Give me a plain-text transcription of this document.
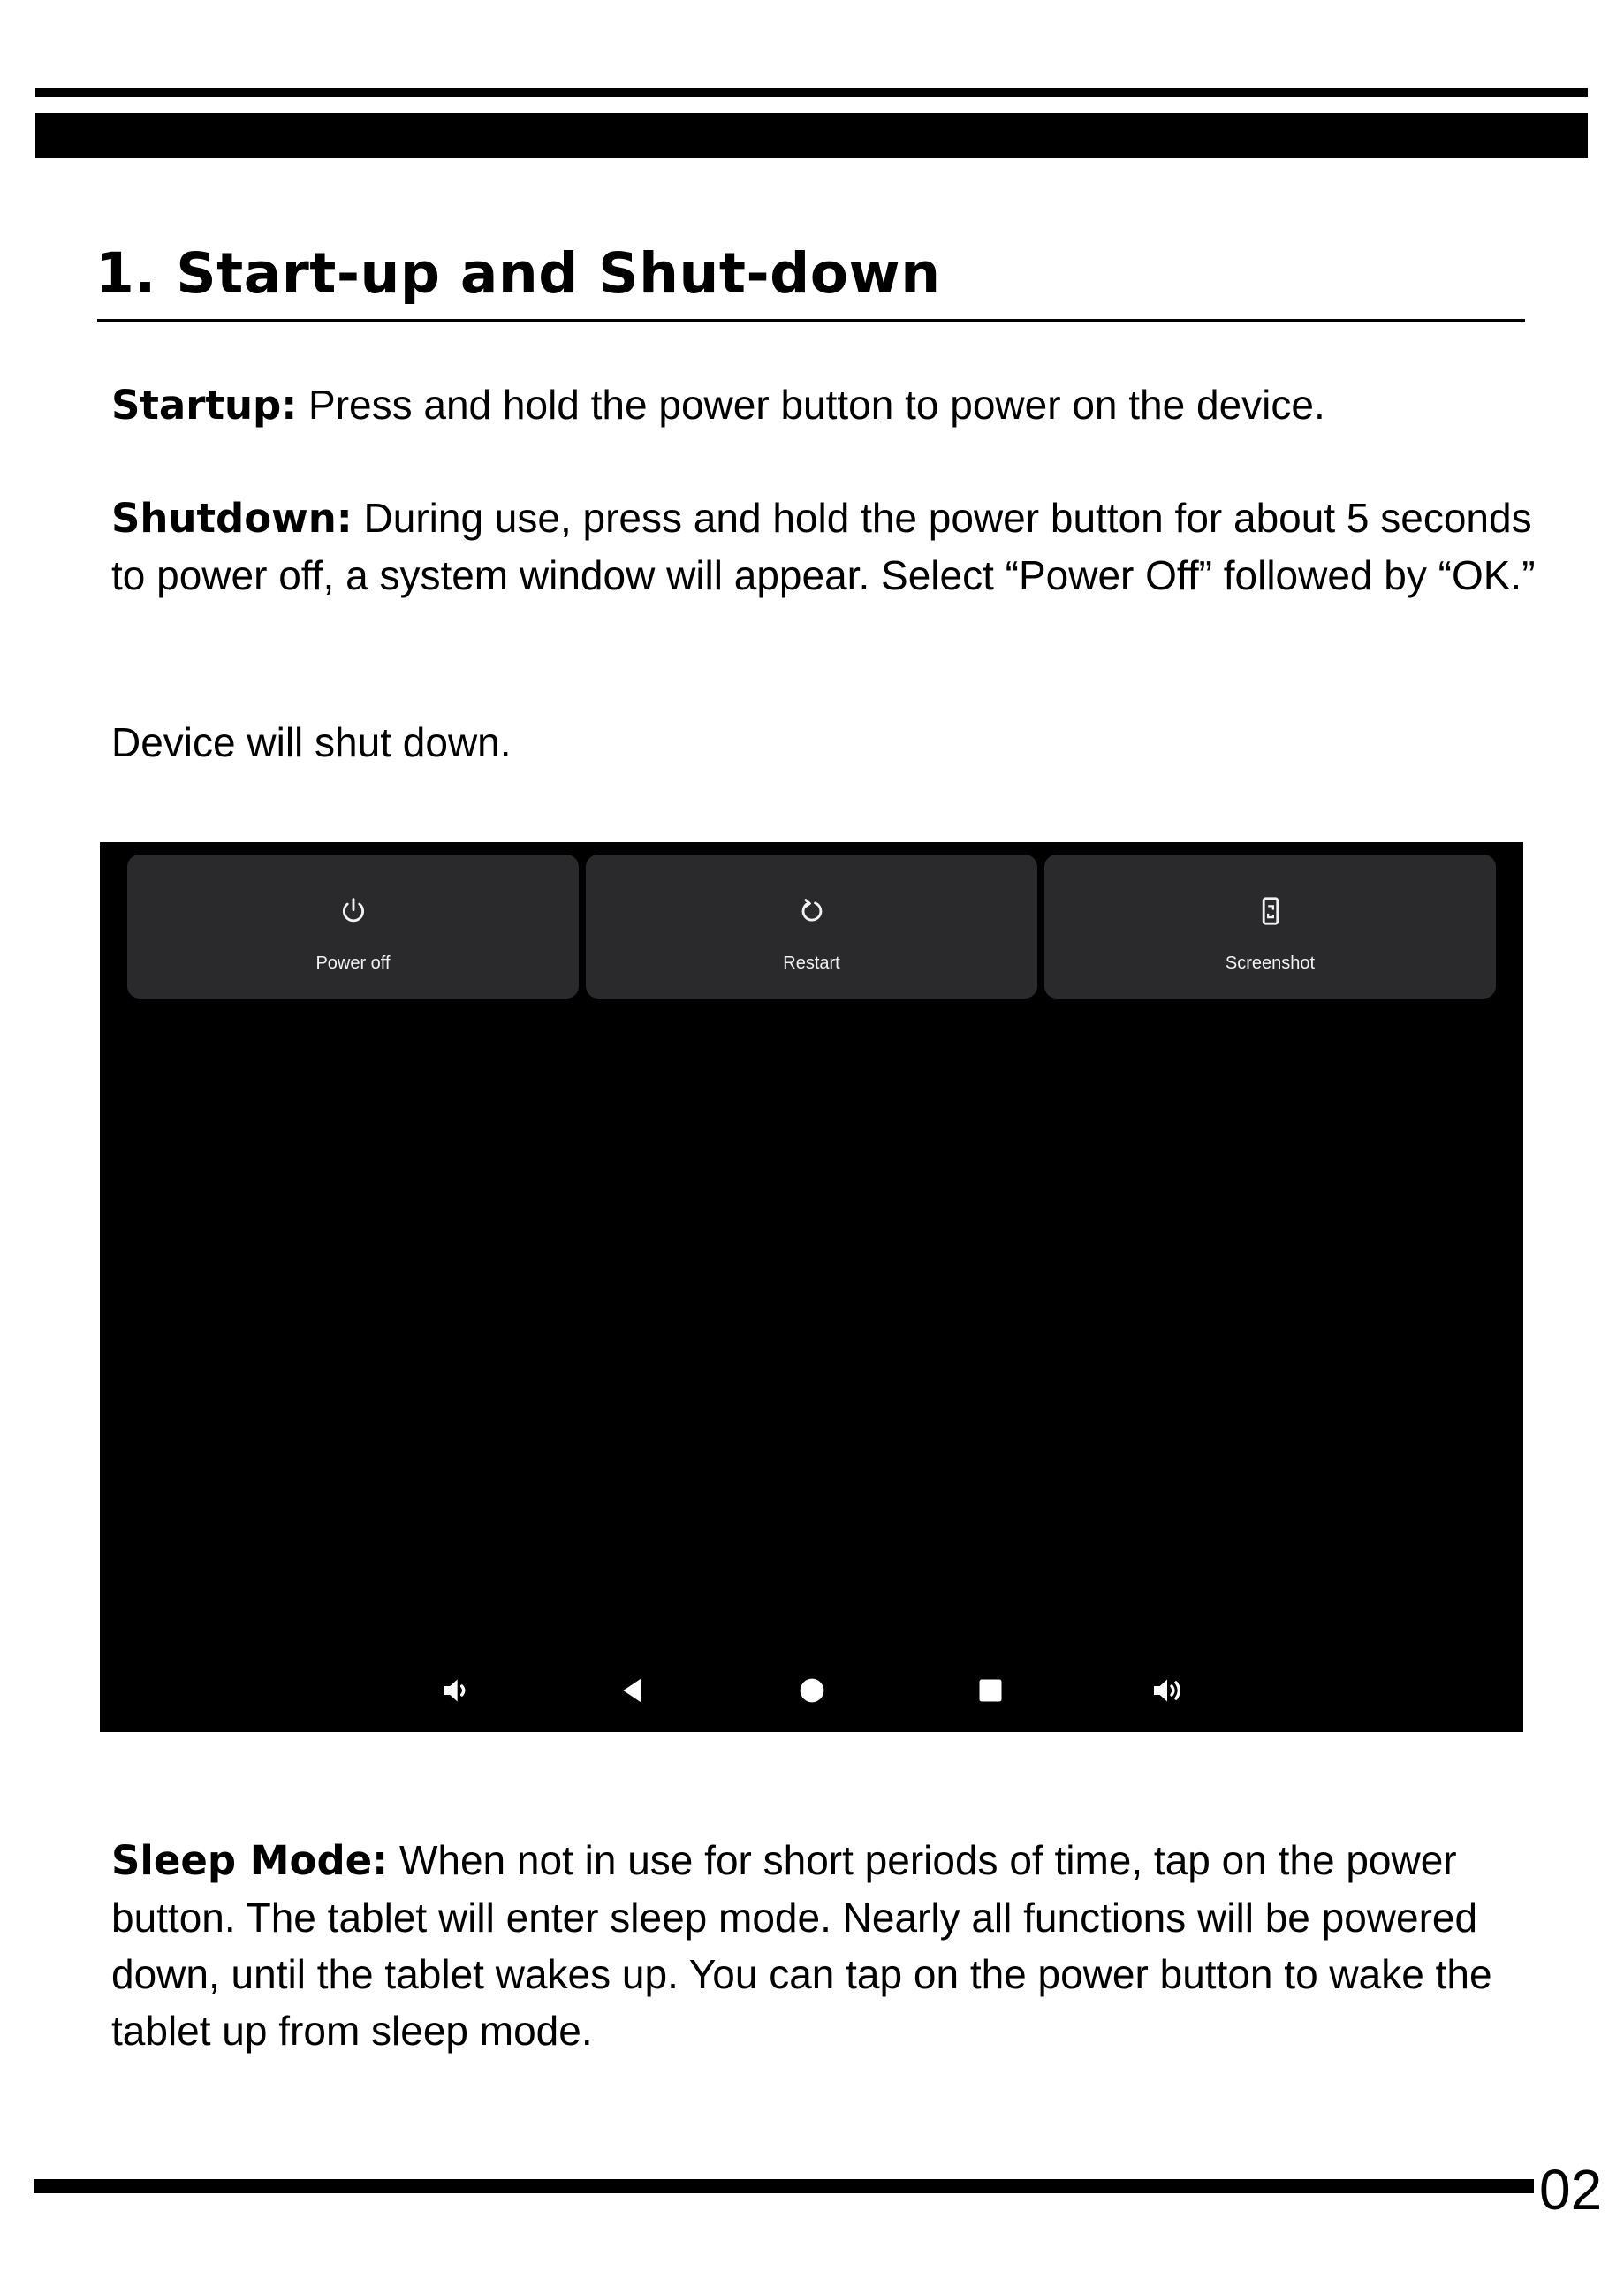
1. Start-up and Shut-down

Startup: Press and hold the power button to power on the device.

Shutdown: During use, press and hold the power button for about 5 seconds to power off, a system window will appear. Select “Power Off” followed by “OK.”

Device will shut down.

Power off	Restart	Screenshot

Sleep Mode: When not in use for short periods of time, tap on the power button. The tablet will enter sleep mode. Nearly all functions will be powered down, until the tablet wakes up. You can tap on the power button to wake the tablet up from sleep mode.

02
